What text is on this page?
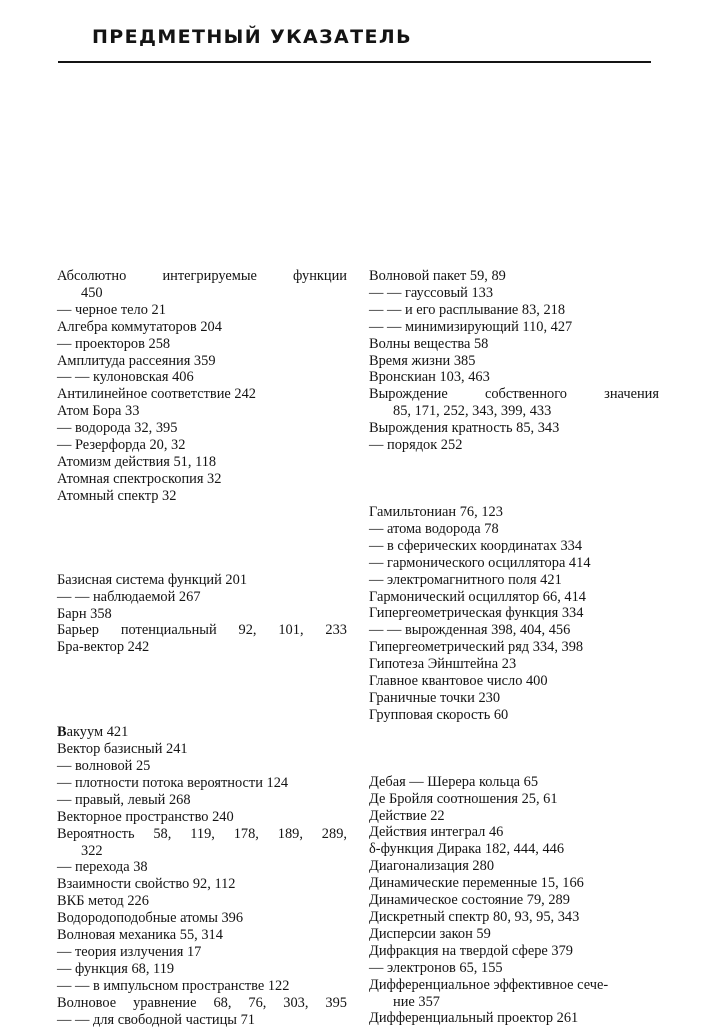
ПРЕДМЕТНЫЙ УКАЗАТЕЛЬ
Абсолютно интегрируемые функции
450
— черное тело 21
Алгебра коммутаторов 204
— проекторов 258
Амплитуда рассеяния 359
— — кулоновская 406
Антилинейное соответствие 242
Атом Бора 33
— водорода 32, 395
— Резерфорда 20, 32
Атомизм действия 51, 118
Атомная спектроскопия 32
Атомный спектр 32
Базисная система функций 201
— — наблюдаемой 267
Барн 358
Барьер потенциальный 92, 101, 233
Бра-вектор 242
Вакуум 421
Вектор базисный 241
— волновой 25
— плотности потока вероятности 124
— правый, левый 268
Векторное пространство 240
Вероятность 58, 119, 178, 189, 289,
322
— перехода 38
Взаимности свойство 92, 112
ВКБ метод 226
Водородоподобные атомы 396
Волновая механика 55, 314
— теория излучения 17
— функция 68, 119
— — в импульсном пространстве 122
Волновое уравнение 68, 76, 303, 395
— — для свободной частицы 71
Волновой пакет 59, 89
— — гауссовый 133
— — и его расплывание 83, 218
— — минимизирующий 110, 427
Волны вещества 58
Время жизни 385
Вронскиан 103, 463
Вырождение собственного значения
85, 171, 252, 343, 399, 433
Вырождения кратность 85, 343
— порядок 252
Гамильтониан 76, 123
— атома водорода 78
— в сферических координатах 334
— гармонического осциллятора 414
— электромагнитного поля 421
Гармонический осциллятор 66, 414
Гипергеометрическая функция 334
— — вырожденная 398, 404, 456
Гипергеометрический ряд 334, 398
Гипотеза Эйнштейна 23
Главное квантовое число 400
Граничные точки 230
Групповая скорость 60
Дебая — Шерера кольца 65
Де Бройля соотношения 25, 61
Действие 22
Действия интеграл 46
δ-функция Дирака 182, 444, 446
Диагонализация 280
Динамические переменные 15, 166
Динамическое состояние 79, 289
Дискретный спектр 80, 93, 95, 343
Дисперсии закон 59
Дифракция на твердой сфере 379
— электронов 65, 155
Дифференциальное эффективное сече-
ние 357
Дифференциальный проектор 261
